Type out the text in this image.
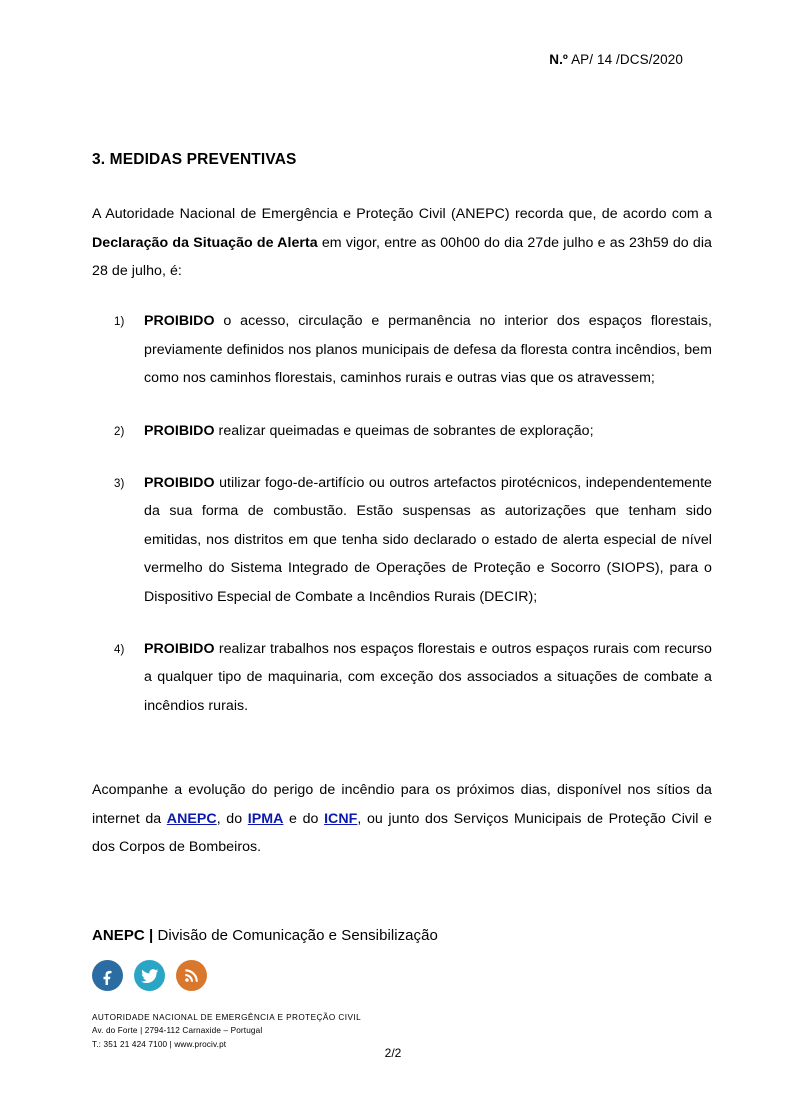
N.º AP/ 14 /DCS/2020
3. MEDIDAS PREVENTIVAS

A Autoridade Nacional de Emergência e Proteção Civil (ANEPC) recorda que, de acordo com a Declaração da Situação de Alerta em vigor, entre as 00h00 do dia 27de julho e as 23h59 do dia 28 de julho, é:

PROIBIDO o acesso, circulação e permanência no interior dos espaços florestais, previamente definidos nos planos municipais de defesa da floresta contra incêndios, bem como nos caminhos florestais, caminhos rurais e outras vias que os atravessem;
PROIBIDO realizar queimadas e queimas de sobrantes de exploração;
PROIBIDO utilizar fogo-de-artifício ou outros artefactos pirotécnicos, independentemente da sua forma de combustão. Estão suspensas as autorizações que tenham sido emitidas, nos distritos em que tenha sido declarado o estado de alerta especial de nível vermelho do Sistema Integrado de Operações de Proteção e Socorro (SIOPS), para o Dispositivo Especial de Combate a Incêndios Rurais (DECIR);
PROIBIDO realizar trabalhos nos espaços florestais e outros espaços rurais com recurso a qualquer tipo de maquinaria, com exceção dos associados a situações de combate a incêndios rurais.

Acompanhe a evolução do perigo de incêndio para os próximos dias, disponível nos sítios da internet da ANEPC, do IPMA e do ICNF, ou junto dos Serviços Municipais de Proteção Civil e dos Corpos de Bombeiros.

ANEPC | Divisão de Comunicação e Sensibilização
AUTORIDADE NACIONAL DE EMERGÊNCIA E PROTEÇÃO CIVIL
Av. do Forte | 2794-112 Carnaxide – Portugal
T.: 351 21 424 7100 | www.prociv.pt
2/2
